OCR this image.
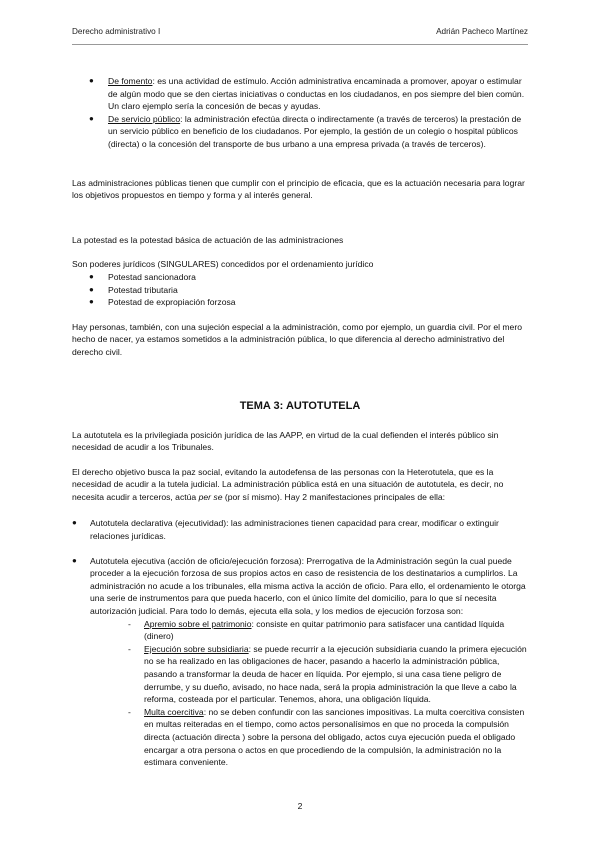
Derecho administrativo I	Adrián Pacheco Martínez
● De fomento: es una actividad de estímulo. Acción administrativa encaminada a promover, apoyar o estimular de algún modo que se den ciertas iniciativas o conductas en los ciudadanos, en pos siempre del bien común. Un claro ejemplo sería la concesión de becas y ayudas.
● De servicio público: la administración efectúa directa o indirectamente (a través de terceros) la prestación de un servicio público en beneficio de los ciudadanos. Por ejemplo, la gestión de un colegio o hospital públicos (directa) o la concesión del transporte de bus urbano a una empresa privada (a través de terceros).

Las administraciones públicas tienen que cumplir con el principio de eficacia, que es la actuación necesaria para lograr los objetivos propuestos en tiempo y forma y al interés general.

La potestad es la potestad básica de actuación de las administraciones

Son poderes jurídicos (SINGULARES) concedidos por el ordenamiento jurídico

● Potestad sancionadora
● Potestad tributaria
● Potestad de expropiación forzosa

Hay personas, también, con una sujeción especial a la administración, como por ejemplo, un guardia civil. Por el mero hecho de nacer, ya estamos sometidos a la administración pública, lo que diferencia al derecho administrativo del derecho civil.

TEMA 3: AUTOTUTELA

La autotutela es la privilegiada posición jurídica de las AAPP, en virtud de la cual defienden el interés público sin necesidad de acudir a los Tribunales.

El derecho objetivo busca la paz social, evitando la autodefensa de las personas con la Heterotutela, que es la necesidad de acudir a la tutela judicial. La administración pública está en una situación de autotutela, es decir, no necesita acudir a terceros, actúa per se (por sí mismo). Hay 2 manifestaciones principales de ella:

● Autotutela declarativa (ejecutividad): las administraciones tienen capacidad para crear, modificar o extinguir relaciones jurídicas.
● Autotutela ejecutiva (acción de oficio/ejecución forzosa): Prerrogativa de la Administración según la cual puede proceder a la ejecución forzosa de sus propios actos en caso de resistencia de los destinatarios a cumplirlos. La administración no acude a los tribunales, ella misma activa la acción de oficio. Para ello, el ordenamiento le otorga una serie de instrumentos para que pueda hacerlo, con el único límite del domicilio, para lo que sí necesita autorización judicial. Para todo lo demás, ejecuta ella sola, y los medios de ejecución forzosa son:
- Apremio sobre el patrimonio: consiste en quitar patrimonio para satisfacer una cantidad líquida (dinero)
- Ejecución sobre subsidiaria: se puede recurrir a la ejecución subsidiaria cuando la primera ejecución no se ha realizado en las obligaciones de hacer, pasando a hacerlo la administración pública, pasando a transformar la deuda de hacer en líquida. Por ejemplo, si una casa tiene peligro de derrumbe, y su dueño, avisado, no hace nada, será la propia administración la que lleve a cabo la reforma, costeada por el particular. Tenemos, ahora, una obligación líquida.
- Multa coercitiva: no se deben confundir con las sanciones impositivas. La multa coercitiva consisten en multas reiteradas en el tiempo, como actos personalísimos en que no proceda la compulsión directa (actuación directa ) sobre la persona del obligado, actos cuya ejecución pueda el obligado encargar a otra persona o actos en que procediendo de la compulsión, la administración no la estimara conveniente.
2
